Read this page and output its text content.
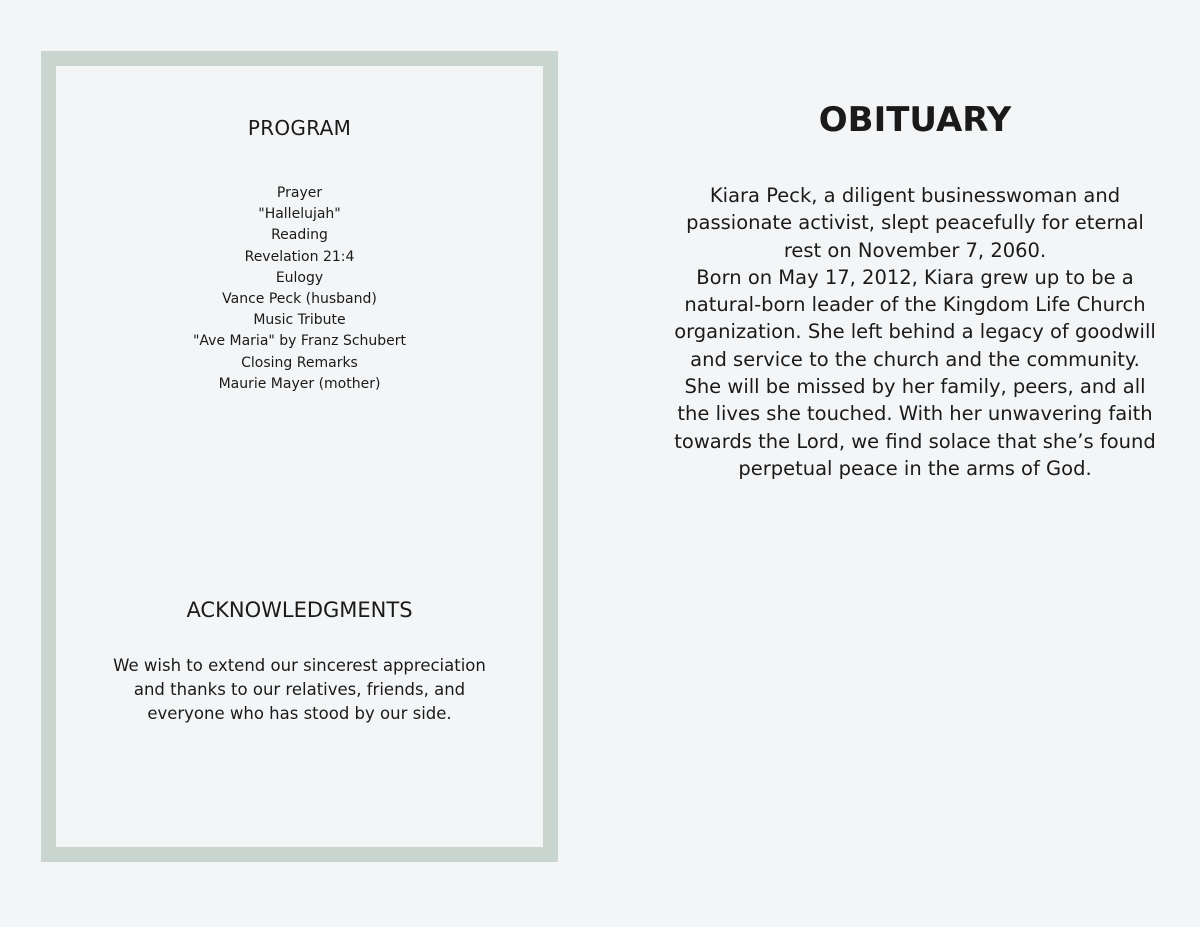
PROGRAM
Prayer
"Hallelujah"
Reading
Revelation 21:4
Eulogy
Vance Peck (husband)
Music Tribute
"Ave Maria" by Franz Schubert
Closing Remarks
Maurie Mayer (mother)
ACKNOWLEDGMENTS
We wish to extend our sincerest appreciation
and thanks to our relatives, friends, and
everyone who has stood by our side.
OBITUARY
Kiara Peck, a diligent businesswoman and
passionate activist, slept peacefully for eternal
rest on November 7, 2060.
Born on May 17, 2012, Kiara grew up to be a
natural-born leader of the Kingdom Life Church
organization. She left behind a legacy of goodwill
and service to the church and the community.
She will be missed by her family, peers, and all
the lives she touched. With her unwavering faith
towards the Lord, we find solace that she’s found
perpetual peace in the arms of God.
